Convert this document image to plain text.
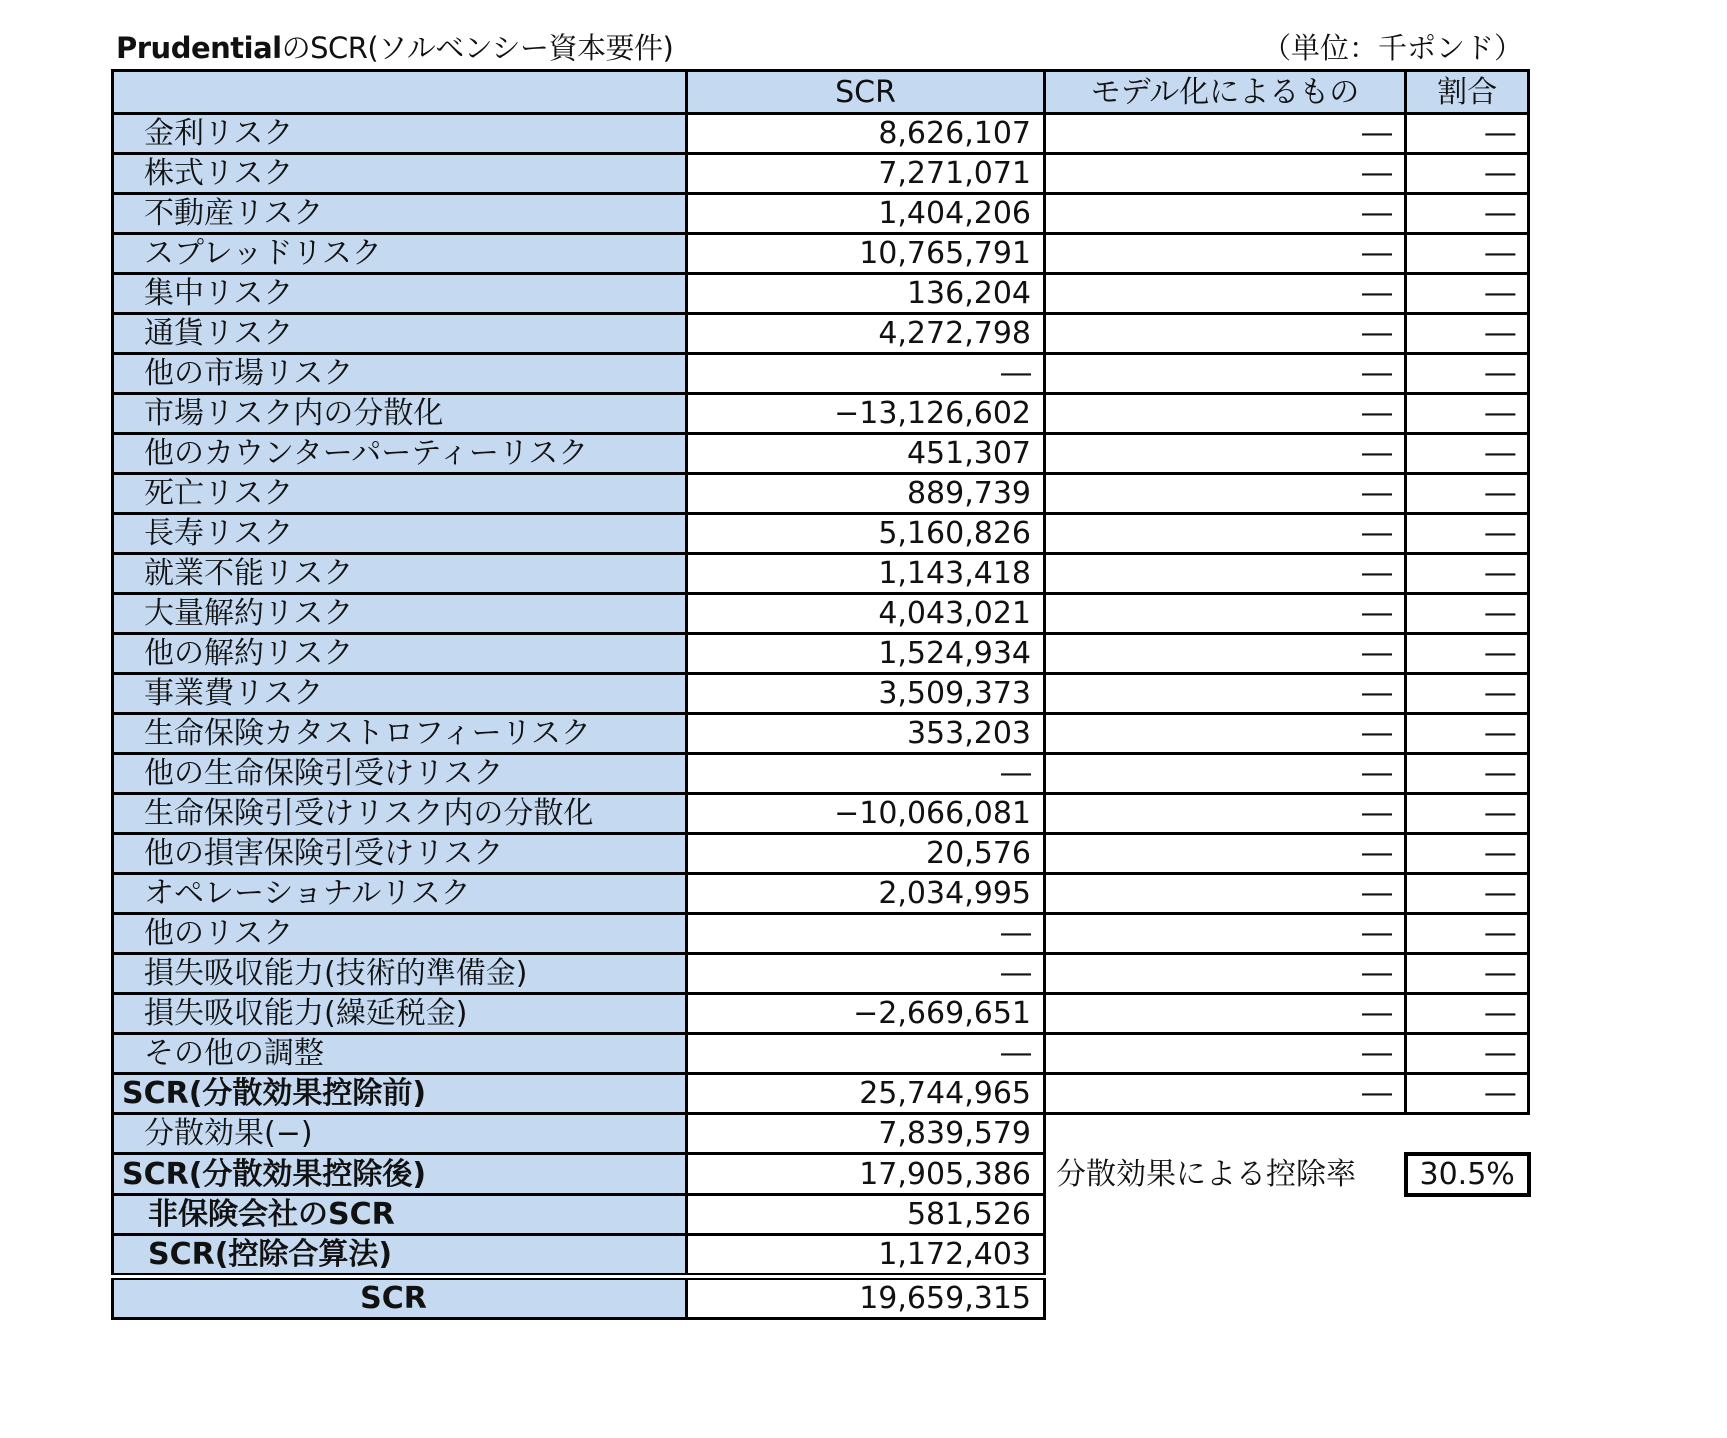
PrudentialのSCR(ソルベンシー資本要件)	（単位：千ポンド）
	SCR	モデル化によるもの	割合
金利リスク	8,626,107	―	―
株式リスク	7,271,071	―	―
不動産リスク	1,404,206	―	―
スプレッドリスク	10,765,791	―	―
集中リスク	136,204	―	―
通貨リスク	4,272,798	―	―
他の市場リスク	―	―	―
市場リスク内の分散化	−13,126,602	―	―
他のカウンターパーティーリスク	451,307	―	―
死亡リスク	889,739	―	―
長寿リスク	5,160,826	―	―
就業不能リスク	1,143,418	―	―
大量解約リスク	4,043,021	―	―
他の解約リスク	1,524,934	―	―
事業費リスク	3,509,373	―	―
生命保険カタストロフィーリスク	353,203	―	―
他の生命保険引受けリスク	―	―	―
生命保険引受けリスク内の分散化	−10,066,081	―	―
他の損害保険引受けリスク	20,576	―	―
オペレーショナルリスク	2,034,995	―	―
他のリスク	―	―	―
損失吸収能力(技術的準備金)	―	―	―
損失吸収能力(繰延税金)	−2,669,651	―	―
その他の調整	―	―	―
SCR(分散効果控除前)	25,744,965	―	―
分散効果(−)	7,839,579		
SCR(分散効果控除後)	17,905,386	分散効果による控除率	30.5%
非保険会社のSCR	581,526		
SCR(控除合算法)	1,172,403		
SCR	19,659,315		
